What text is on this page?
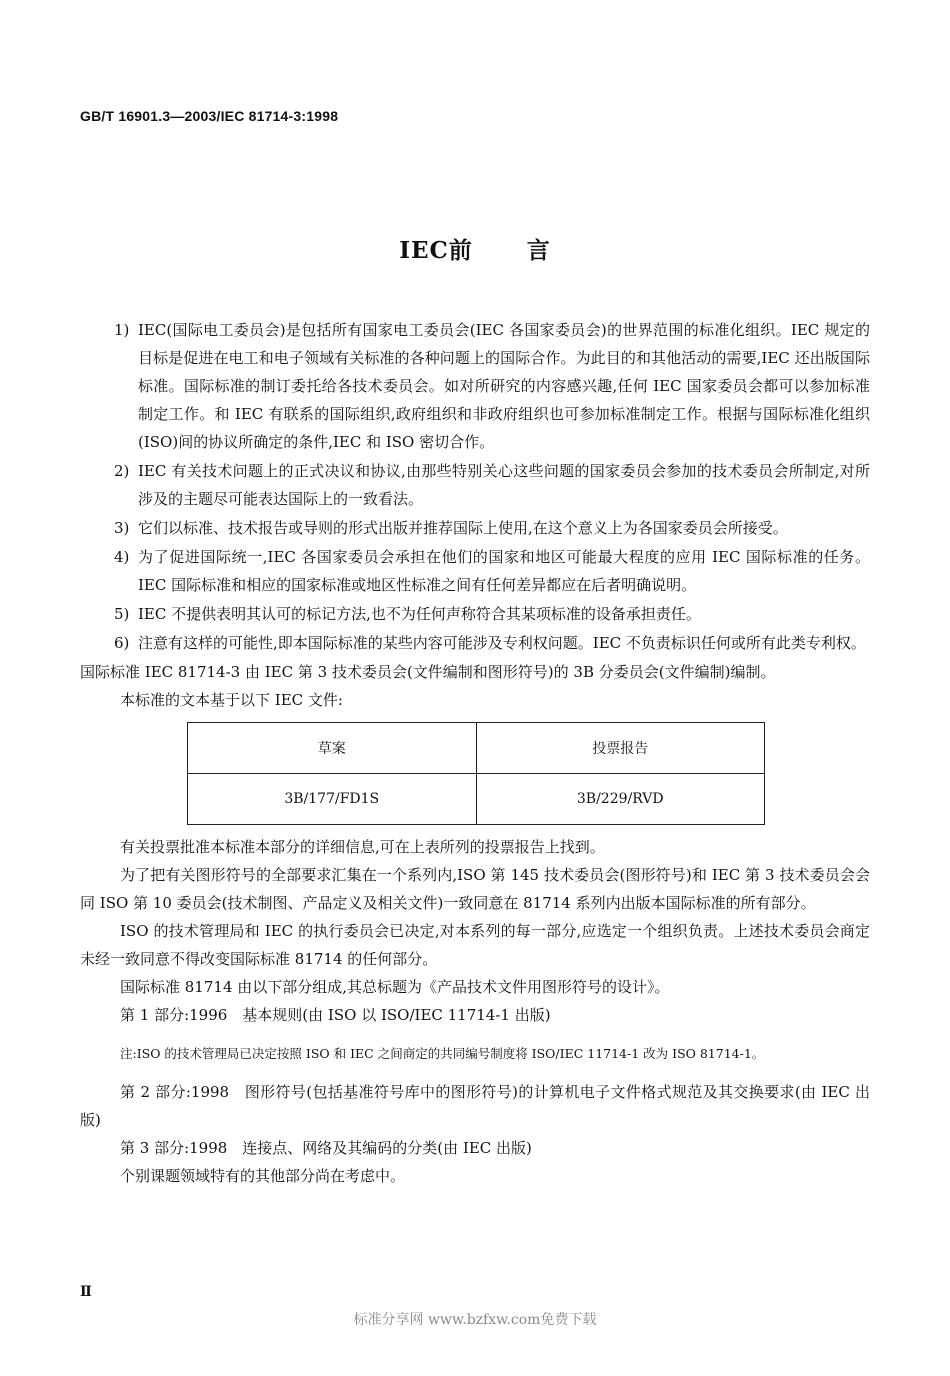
GB/T 16901.3—2003/IEC 81714-3:1998
IEC前 言
1) IEC(国际电工委员会)是包括所有国家电工委员会(IEC 各国家委员会)的世界范围的标准化组织。IEC 规定的目标是促进在电工和电子领域有关标准的各种问题上的国际合作。为此目的和其他活动的需要,IEC 还出版国际标准。国际标准的制订委托给各技术委员会。如对所研究的内容感兴趣,任何 IEC 国家委员会都可以参加标准制定工作。和 IEC 有联系的国际组织,政府组织和非政府组织也可参加标准制定工作。根据与国际标准化组织(ISO)间的协议所确定的条件,IEC 和 ISO 密切合作。
2) IEC 有关技术问题上的正式决议和协议,由那些特别关心这些问题的国家委员会参加的技术委员会所制定,对所涉及的主题尽可能表达国际上的一致看法。
3) 它们以标准、技术报告或导则的形式出版并推荐国际上使用,在这个意义上为各国家委员会所接受。
4) 为了促进国际统一,IEC 各国家委员会承担在他们的国家和地区可能最大程度的应用 IEC 国际标准的任务。IEC 国际标准和相应的国家标准或地区性标准之间有任何差异都应在后者明确说明。
5) IEC 不提供表明其认可的标记方法,也不为任何声称符合其某项标准的设备承担责任。
6) 注意有这样的可能性,即本国际标准的某些内容可能涉及专利权问题。IEC 不负责标识任何或所有此类专利权。

国际标准 IEC 81714-3 由 IEC 第 3 技术委员会(文件编制和图形符号)的 3B 分委员会(文件编制)编制。

本标准的文本基于以下 IEC 文件:

草案	投票报告
3B/177/FD1S	3B/229/RVD

有关投票批准本标准本部分的详细信息,可在上表所列的投票报告上找到。

为了把有关图形符号的全部要求汇集在一个系列内,ISO 第 145 技术委员会(图形符号)和 IEC 第 3 技术委员会会同 ISO 第 10 委员会(技术制图、产品定义及相关文件)一致同意在 81714 系列内出版本国际标准的所有部分。

ISO 的技术管理局和 IEC 的执行委员会已决定,对本系列的每一部分,应选定一个组织负责。上述技术委员会商定未经一致同意不得改变国际标准 81714 的任何部分。

国际标准 81714 由以下部分组成,其总标题为《产品技术文件用图形符号的设计》。

第 1 部分:1996　基本规则(由 ISO 以 ISO/IEC 11714-1 出版)

注:ISO 的技术管理局已决定按照 ISO 和 IEC 之间商定的共同编号制度将 ISO/IEC 11714-1 改为 ISO 81714-1。

第 2 部分:1998　图形符号(包括基准符号库中的图形符号)的计算机电子文件格式规范及其交换要求(由 IEC 出版)

第 3 部分:1998　连接点、网络及其编码的分类(由 IEC 出版)

个别课题领域特有的其他部分尚在考虑中。

Ⅱ
标准分享网 www.bzfxw.com免费下载
